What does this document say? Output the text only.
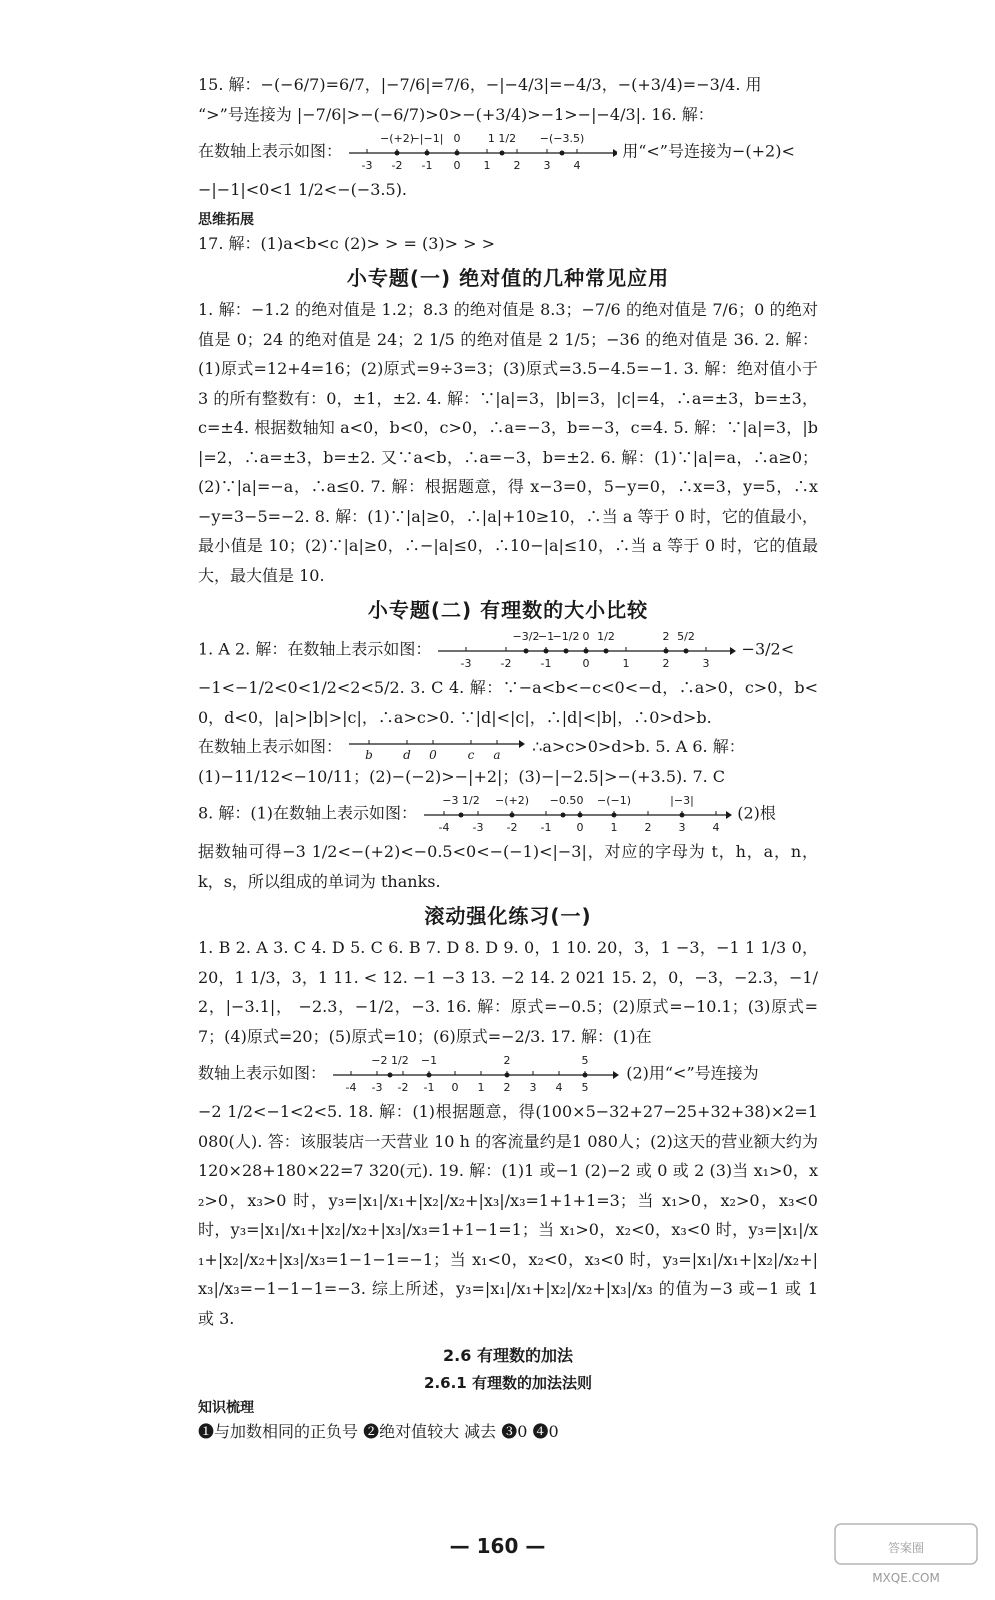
15. 解：−(−6/7)=6/7，|−7/6|=7/6，−|−4/3|=−4/3，−(+3/4)=−3/4. 用

“>”号连接为 |−7/6|>−(−6/7)>0>−(+3/4)>−1>−|−4/3|. 16. 解：

在数轴上表示如图：
-3 -2 -1 0 1 2 3 4
−(+2)
−|−1| 0 1 1/2 −(−3.5)
用“<”号连接为−(+2)<

−|−1|<0<1 1/2<−(−3.5).

思维拓展

17. 解：(1)a<b<c (2)> > = (3)> > >

小专题(一) 绝对值的几种常见应用

1. 解：−1.2 的绝对值是 1.2；8.3 的绝对值是 8.3；−7/6 的绝对值是 7/6；0 的绝对值是 0；24 的绝对值是 24；2 1/5 的绝对值是 2 1/5；−36 的绝对值是 36. 2. 解：(1)原式=12+4=16；(2)原式=9÷3=3；(3)原式=3.5−4.5=−1. 3. 解：绝对值小于 3 的所有整数有：0，±1，±2. 4. 解：∵|a|=3，|b|=3，|c|=4，∴a=±3，b=±3，c=±4. 根据数轴知 a<0，b<0，c>0，∴a=−3，b=−3，c=4. 5. 解：∵|a|=3，|b|=2，∴a=±3，b=±2. 又∵a<b，∴a=−3，b=±2. 6. 解：(1)∵|a|=a，∴a≥0；(2)∵|a|=−a，∴a≤0. 7. 解：根据题意，得 x−3=0，5−y=0，∴x=3，y=5，∴x−y=3−5=−2. 8. 解：(1)∵|a|≥0，∴|a|+10≥10，∴当 a 等于 0 时，它的值最小，最小值是 10；(2)∵|a|≥0，∴−|a|≤0，∴10−|a|≤10，∴当 a 等于 0 时，它的值最大，最大值是 10.

小专题(二) 有理数的大小比较

1. A 2. 解：在数轴上表示如图：
-3	-2	-1	0	1	2	3
−3/2
−1
−1/2 0 1/2	2 5/2
−3/2<

−1<−1/2<0<1/2<2<5/2. 3. C 4. 解：∵−a<b<−c<0<−d，∴a>0，c>0，b<0，d<0，|a|>|b|>|c|，∴a>c>0. ∵|d|<|c|，∴|d|<|b|，∴0>d>b.

在数轴上表示如图： b	d 0	c a ∴a>c>0>d>b. 5. A 6. 解：

(1)−11/12<−10/11；(2)−(−2)>−|+2|；(3)−|−2.5|>−(+3.5). 7. C

8. 解：(1)在数轴上表示如图：
-4 -3 -2 -1 0 1 2 3 4
−3 1/2 −(+2) −0.5 0 −(−1)	|−3|
(2)根

据数轴可得−3 1/2<−(+2)<−0.5<0<−(−1)<|−3|，对应的字母为 t，h，a，n，k，s，所以组成的单词为 thanks.

滚动强化练习(一)

1. B 2. A 3. C 4. D 5. C 6. B 7. D 8. D 9. 0，1 10. 20，3，1 −3，−1 1 1/3 0，20，1 1/3，3，1 11. < 12. −1 −3 13. −2 14. 2 021 15. 2，0，−3，−2.3，−1/2，|−3.1|， −2.3，−1/2，−3. 16. 解：原式=−0.5；(2)原式=−10.1；(3)原式=7；(4)原式=20；(5)原式=10；(6)原式=−2/3. 17. 解：(1)在

数轴上表示如图：
-4 -3 -2 -1 0 1 2 3 4 5
−2 1/2 −1	2	5
(2)用“<”号连接为

−2 1/2<−1<2<5. 18. 解：(1)根据题意，得(100×5−32+27−25+32+38)×2=1 080(人). 答：该服装店一天营业 10 h 的客流量约是1 080人；(2)这天的营业额大约为 120×28+180×22=7 320(元). 19. 解：(1)1 或−1 (2)−2 或 0 或 2 (3)当 x₁>0，x₂>0，x₃>0 时，y₃=|x₁|/x₁+|x₂|/x₂+|x₃|/x₃=1+1+1=3；当 x₁>0，x₂>0，x₃<0 时，y₃=|x₁|/x₁+|x₂|/x₂+|x₃|/x₃=1+1−1=1；当 x₁>0，x₂<0，x₃<0 时，y₃=|x₁|/x₁+|x₂|/x₂+|x₃|/x₃=1−1−1=−1；当 x₁<0，x₂<0，x₃<0 时，y₃=|x₁|/x₁+|x₂|/x₂+|x₃|/x₃=−1−1−1=−3. 综上所述，y₃=|x₁|/x₁+|x₂|/x₂+|x₃|/x₃ 的值为−3 或−1 或 1 或 3.

2.6 有理数的加法
2.6.1 有理数的加法法则

知识梳理

❶与加数相同的正负号 ❷绝对值较大 减去 ❸0 ❹0

— 160 —	答案圈
MXQE.COM
